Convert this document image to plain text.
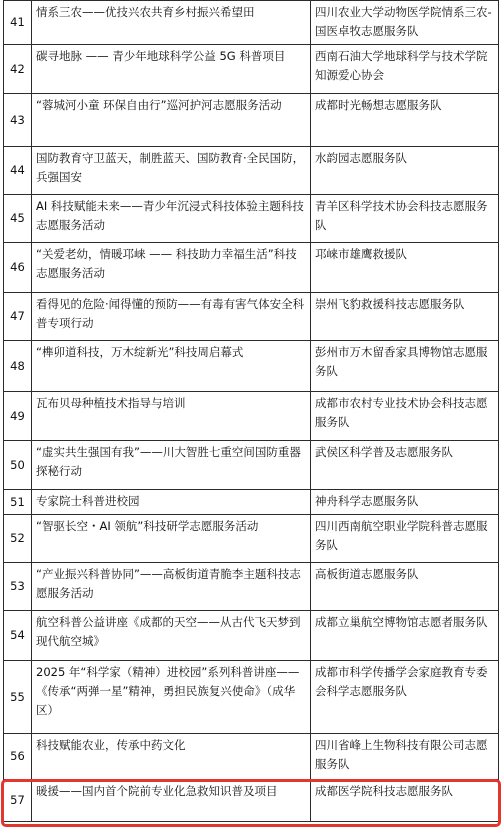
41	情系三农——优技兴农共育乡村振兴希望田	四川农业大学动物医学院情系三农-国医卓牧志愿服务队
42	碳寻地脉 —— 青少年地球科学公益 5G 科普项目	西南石油大学地球科学与技术学院知源爱心协会
43	“蓉城河小童 环保自由行”巡河护河志愿服务活动	成都时光畅想志愿服务队
44	国防教育守卫蓝天，制胜蓝天、国防教育·全民国防，兵强国安	水韵园志愿服务队
45	AI 科技赋能未来——青少年沉浸式科技体验主题科技志愿服务活动	青羊区科学技术协会科技志愿服务队
46	“关爱老幼，情暖邛崃 —— 科技助力幸福生活”科技志愿服务活动	邛崃市雄鹰救援队
47	看得见的危险·闻得懂的预防——有毒有害气体安全科普专项行动	崇州飞豹救援科技志愿服务队
48	“榫卯道科技，万木绽新光”科技周启幕式	彭州市万木留香家具博物馆志愿服务队
49	瓦布贝母种植技术指导与培训	成都市农村专业技术协会科技志愿服务队
50	“虚实共生强国有我”——川大智胜七重空间国防重器探秘行动	武侯区科学普及志愿服务队
51	专家院士科普进校园	神舟科学志愿服务队
52	“智驱长空・AI 领航”科技研学志愿服务活动	四川西南航空职业学院科普志愿服务队
53	“产业振兴科普协同”——高板街道青脆李主题科技志愿服务活动	高板街道志愿服务队
54	航空科普公益讲座《成都的天空——从古代飞天梦到现代航空城》	成都立巢航空博物馆志愿者服务队
55	2025 年“科学家（精神）进校园”系列科普讲座——《传承“两弹一星”精神，勇担民族复兴使命》（成华区）	成都市科学传播学会家庭教育专委会科学志愿服务队
56	科技赋能农业，传承中药文化	四川省峰上生物科技有限公司志愿服务队
57	暖援——国内首个院前专业化急救知识普及项目	成都医学院科技志愿服务队
